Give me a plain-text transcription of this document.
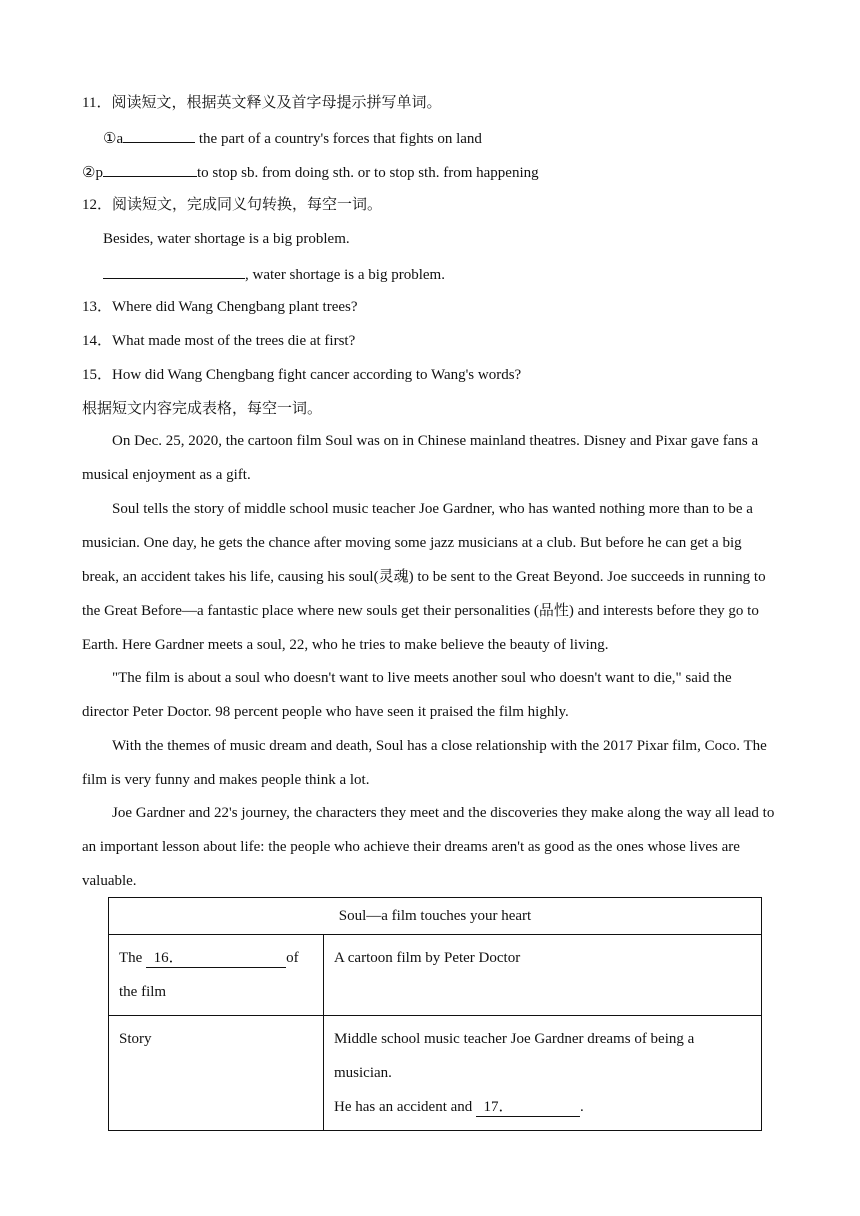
11．阅读短文，根据英文释义及首字母提示拼写单词。
①a	the part of a country's forces that fights on land
②p	to stop sb. from doing sth. or to stop sth. from happening
12．阅读短文，完成同义句转换，每空一词。
Besides, water shortage is a big problem.
, water shortage is a big problem.
13．Where did Wang Chengbang plant trees?
14．What made most of the trees die at first?
15．How did Wang Chengbang fight cancer according to Wang's words?
根据短文内容完成表格，每空一词。

On Dec. 25, 2020, the cartoon film Soul was on in Chinese mainland theatres. Disney and Pixar gave fans a musical enjoyment as a gift.

Soul tells the story of middle school music teacher Joe Gardner, who has wanted nothing more than to be a musician. One day, he gets the chance after moving some jazz musicians at a club. But before he can get a big break, an accident takes his life, causing his soul(灵魂) to be sent to the Great Beyond. Joe succeeds in running to the Great Before—a fantastic place where new souls get their personalities (品性) and interests before they go to Earth. Here Gardner meets a soul, 22, who he tries to make believe the beauty of living.

"The film is about a soul who doesn't want to live meets another soul who doesn't want to die," said the director Peter Doctor. 98 percent people who have seen it praised the film highly.

With the themes of music dream and death, Soul has a close relationship with the 2017 Pixar film, Coco. The film is very funny and makes people think a lot.

Joe Gardner and 22's journey, the characters they meet and the discoveries they make along the way all lead to an important lesson about life: the people who achieve their dreams aren't as good as the ones whose lives are valuable.

Soul—a film touches your heart	
The   16． of the film	A cartoon film by Peter Doctor
Story	Middle school music teacher Joe Gardner dreams of being a musician.
He has an accident and   17． .
